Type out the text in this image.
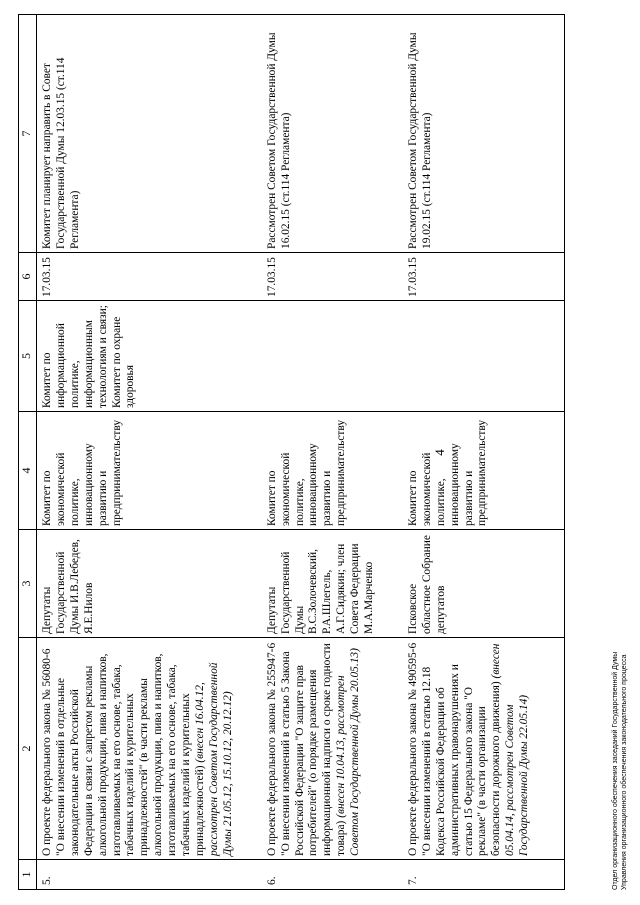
1	2	3	4	5	6	7
5.	О проекте федерального закона № 56080-6 "О внесении изменений в отдельные законодательные акты Российской Федерации в связи с запретом рекламы алкогольной продукции, пива и напитков, изготавливаемых на его основе, табака, табачных изделий и курительных принадлежностей" (в части рекламы алкогольной продукции, пива и напитков, изготавливаемых на его основе, табака, табачных изделий и курительных принадлежностей) (внесен 16.04.12, рассмотрен Советом Государственной Думы 21.05.12, 15.10.12, 20.12.12)	Депутаты Государственной Думы И.В.Лебедев, Я.Е.Нилов	Комитет по экономической политике, инновационному развитию и предпринимательству	Комитет по информационной политике, информационным технологиям и связи; Комитет по охране здоровья	17.03.15	Комитет планирует направить в Совет Государственной Думы 12.03.15 (ст.114 Регламента)
6.	О проекте федерального закона № 255947-6 "О внесении изменений в статью 5 Закона Российской Федерации "О защите прав потребителей" (о порядке размещения информационной надписи о сроке годности товара) (внесен 10.04.13, рассмотрен Советом Государственной Думы 20.05.13)	Депутаты Государственной Думы В.С.Золочевский, Р.А.Шлегель, А.Г.Сидякин; член Совета Федерации М.А.Марченко	Комитет по экономической политике, инновационному развитию и предпринимательству		17.03.15	Рассмотрен Советом Государственной Думы 16.02.15 (ст.114 Регламента)
7.	О проекте федерального закона № 490595-6 "О внесении изменений в статью 12.18 Кодекса Российской Федерации об административных правонарушениях и статью 15 Федерального закона "О рекламе" (в части организации безопасности дорожного движения) (внесен 05.04.14, рассмотрен Советом Государственной Думы 22.05.14)	Псковское областное Собрание депутатов	Комитет по экономической политике, инновационному развитию и предпринимательству		17.03.15	Рассмотрен Советом Государственной Думы 19.02.15 (ст.114 Регламента)
4
Отдел организационного обеспечения заседаний Государственной Думы Управления организационного обеспечения законодательного процесса
